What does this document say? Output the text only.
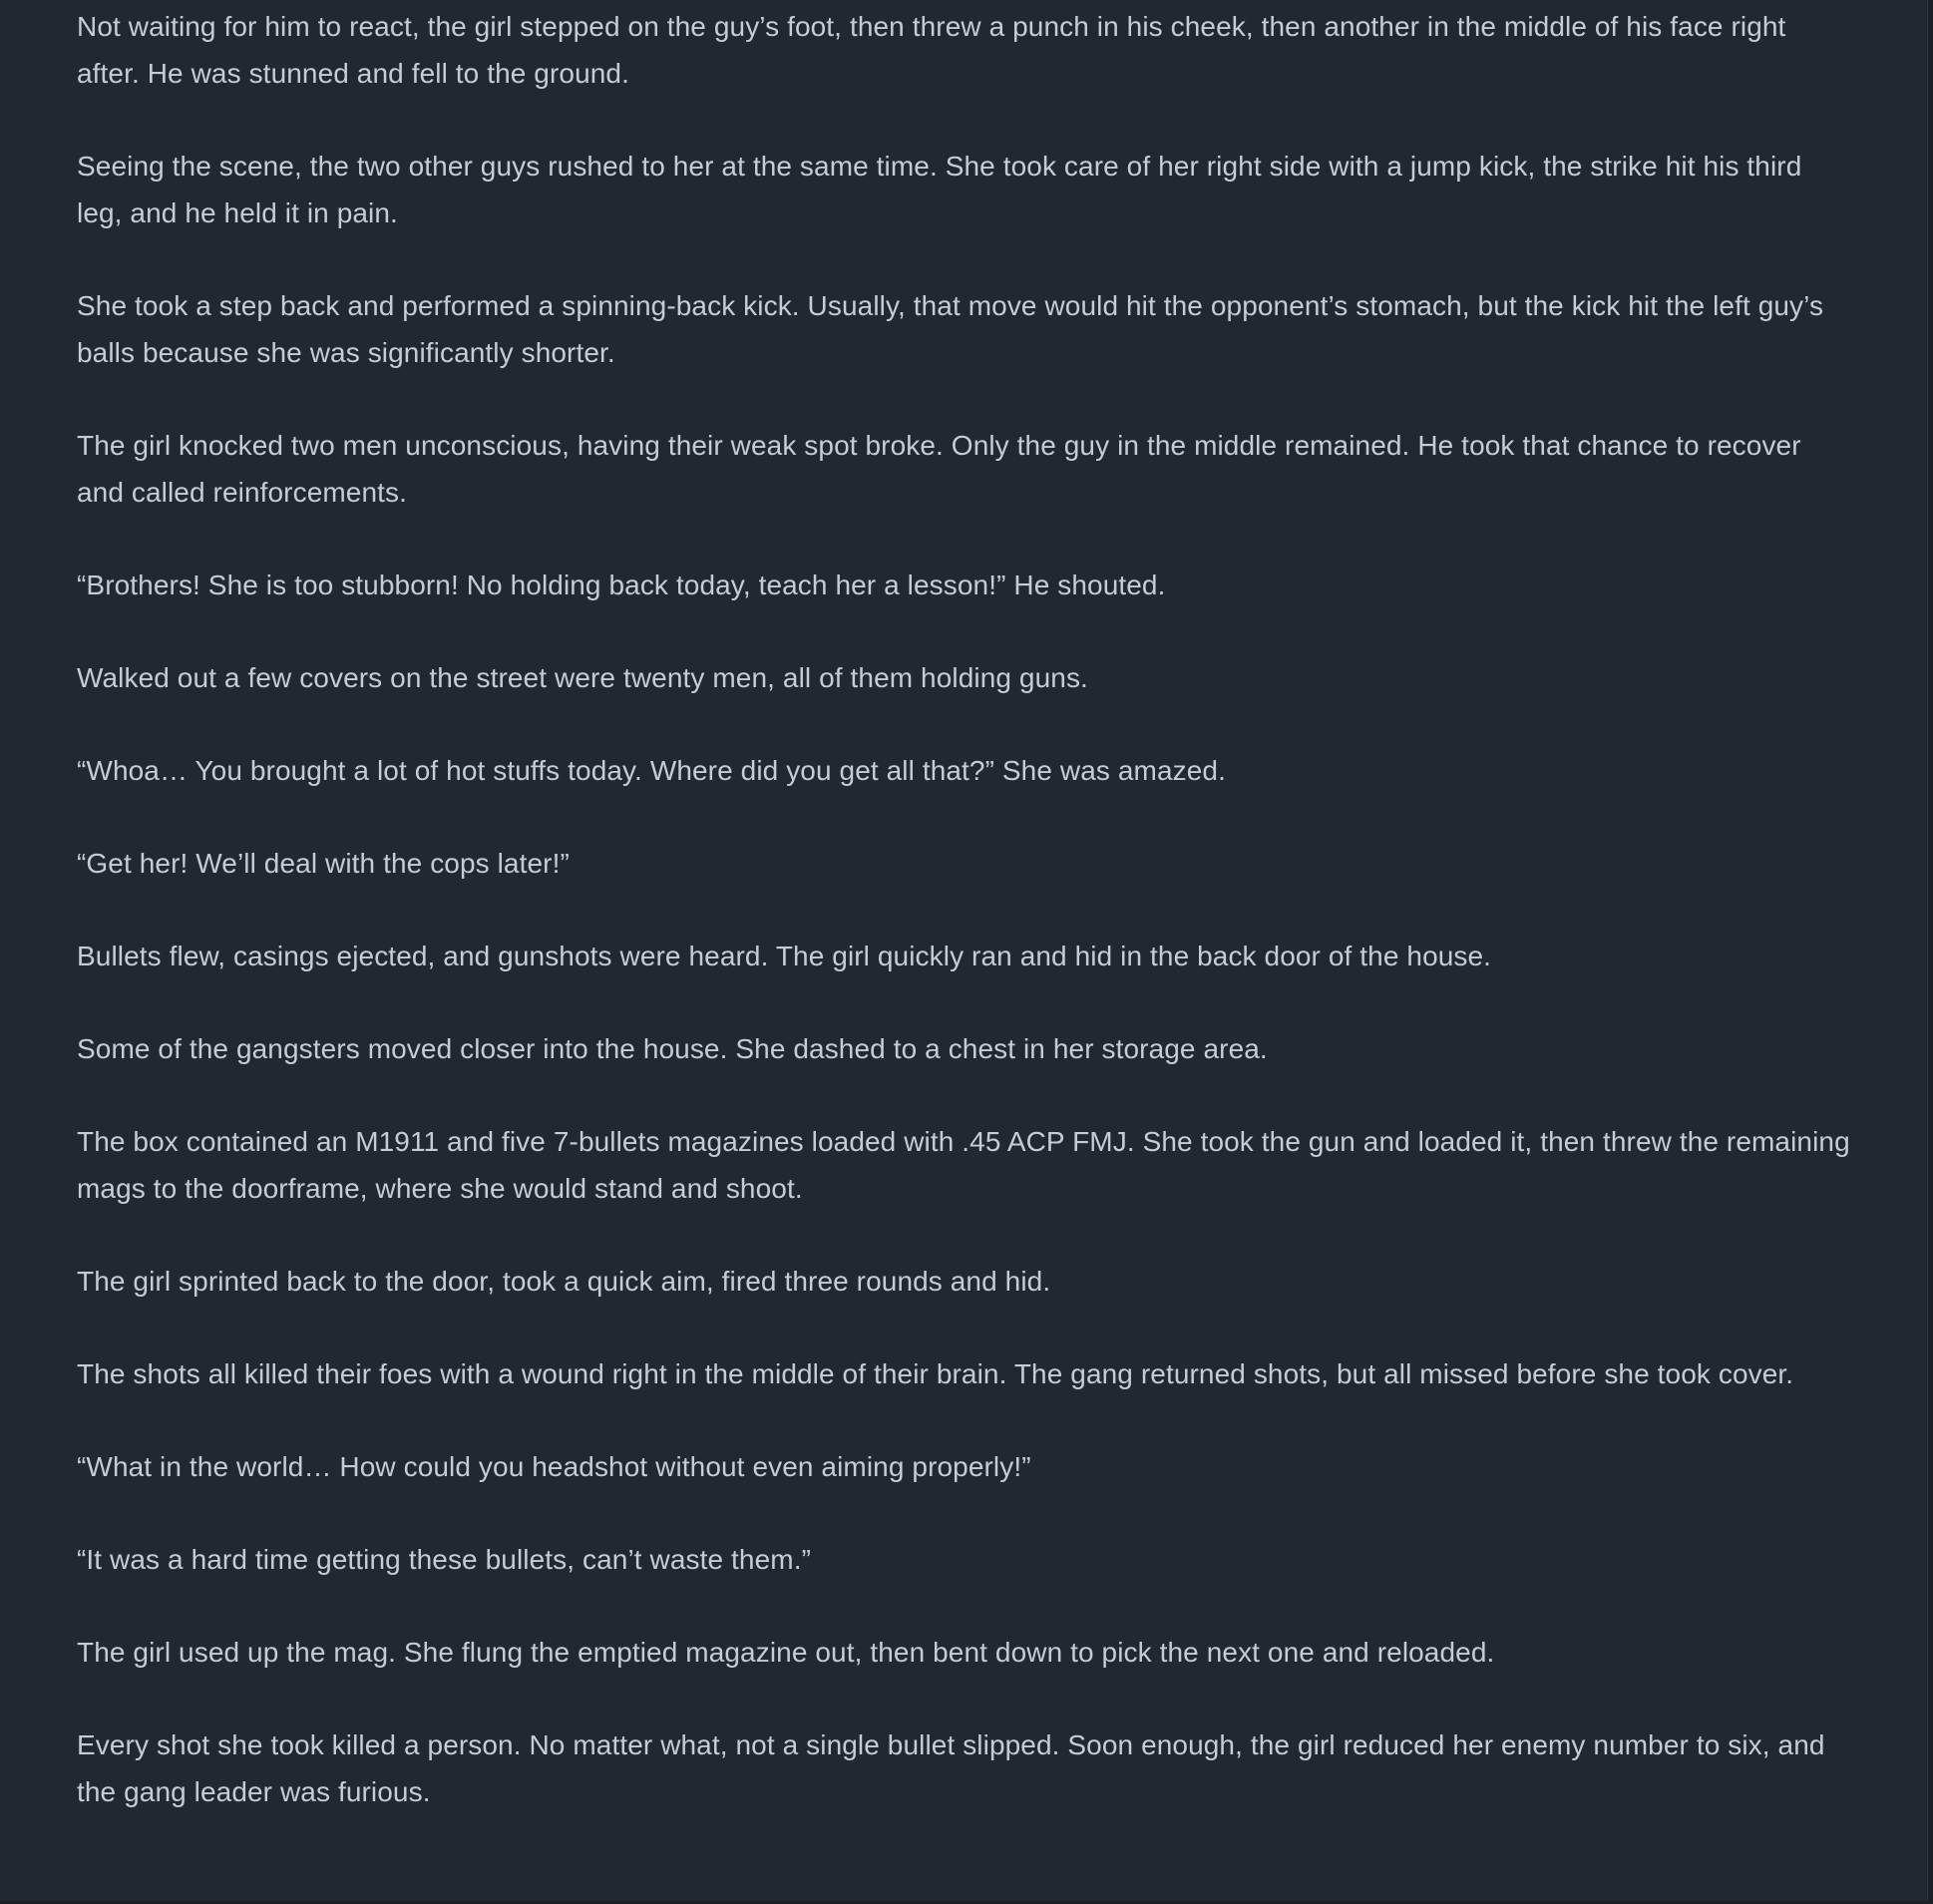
Not waiting for him to react, the girl stepped on the guy’s foot, then threw a punch in his cheek, then another in the middle of his face right after. He was stunned and fell to the ground.

Seeing the scene, the two other guys rushed to her at the same time. She took care of her right side with a jump kick, the strike hit his third leg, and he held it in pain.

She took a step back and performed a spinning-back kick. Usually, that move would hit the opponent’s stomach, but the kick hit the left guy’s balls because she was significantly shorter.

The girl knocked two men unconscious, having their weak spot broke. Only the guy in the middle remained. He took that chance to recover and called reinforcements.

“Brothers! She is too stubborn! No holding back today, teach her a lesson!” He shouted.

Walked out a few covers on the street were twenty men, all of them holding guns.

“Whoa… You brought a lot of hot stuffs today. Where did you get all that?” She was amazed.

“Get her! We’ll deal with the cops later!”

Bullets flew, casings ejected, and gunshots were heard. The girl quickly ran and hid in the back door of the house.

Some of the gangsters moved closer into the house. She dashed to a chest in her storage area.

The box contained an M1911 and five 7-bullets magazines loaded with .45 ACP FMJ. She took the gun and loaded it, then threw the remaining mags to the doorframe, where she would stand and shoot.

The girl sprinted back to the door, took a quick aim, fired three rounds and hid.

The shots all killed their foes with a wound right in the middle of their brain. The gang returned shots, but all missed before she took cover.

“What in the world… How could you headshot without even aiming properly!”

“It was a hard time getting these bullets, can’t waste them.”

The girl used up the mag. She flung the emptied magazine out, then bent down to pick the next one and reloaded.

Every shot she took killed a person. No matter what, not a single bullet slipped. Soon enough, the girl reduced her enemy number to six, and the gang leader was furious.
